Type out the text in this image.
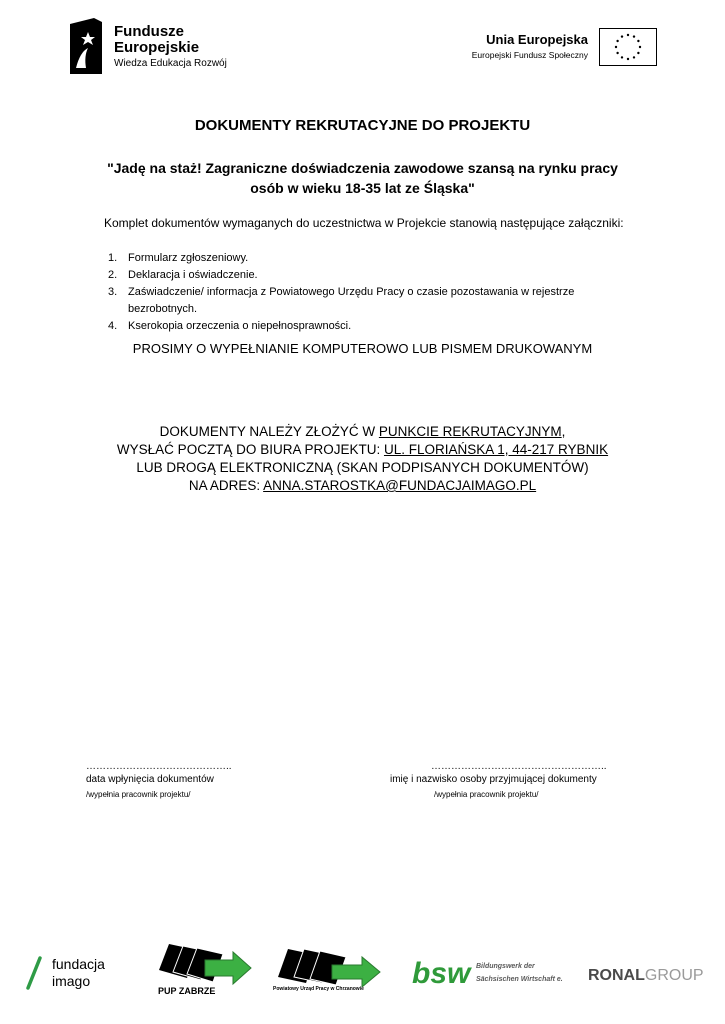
Fundusze
Europejskie
Wiedza Edukacja Rozwój
Unia Europejska
Europejski Fundusz Społeczny
DOKUMENTY REKRUTACYJNE DO PROJEKTU
"Jadę na staż! Zagraniczne doświadczenia zawodowe szansą na rynku pracy
osób w wieku 18-35 lat ze Śląska"
Komplet dokumentów wymaganych do uczestnictwa w Projekcie stanowią następujące załączniki:
1. Formularz zgłoszeniowy.
2. Deklaracja i oświadczenie.
3. Zaświadczenie/ informacja z Powiatowego Urzędu Pracy o czasie pozostawania w rejestrze bezrobotnych.
4. Kserokopia orzeczenia o niepełnosprawności.
PROSIMY O WYPEŁNIANIE KOMPUTEROWO LUB PISMEM DRUKOWANYM
DOKUMENTY NALEŻY ZŁOŻYĆ W PUNKCIE REKRUTACYJNYM,
WYSŁAĆ POCZTĄ DO BIURA PROJEKTU: UL. FLORIAŃSKA 1, 44-217 RYBNIK
LUB DROGĄ ELEKTRONICZNĄ (SKAN PODPISANYCH DOKUMENTÓW)
NA ADRES: ANNA.STAROSTKA@FUNDACJAIMAGO.PL
……………………………………..	……………………………………………..
data wpłynięcia dokumentów	imię i nazwisko osoby przyjmującej dokumenty
/wypełnia pracownik projektu/	/wypełnia pracownik projektu/
fundacja
imago
PUP ZABRZE	Powiatowy Urząd Pracy w Chrzanowie bsw Bildungswerk der
Sächsischen Wirtschaft e. RONALGROUP
